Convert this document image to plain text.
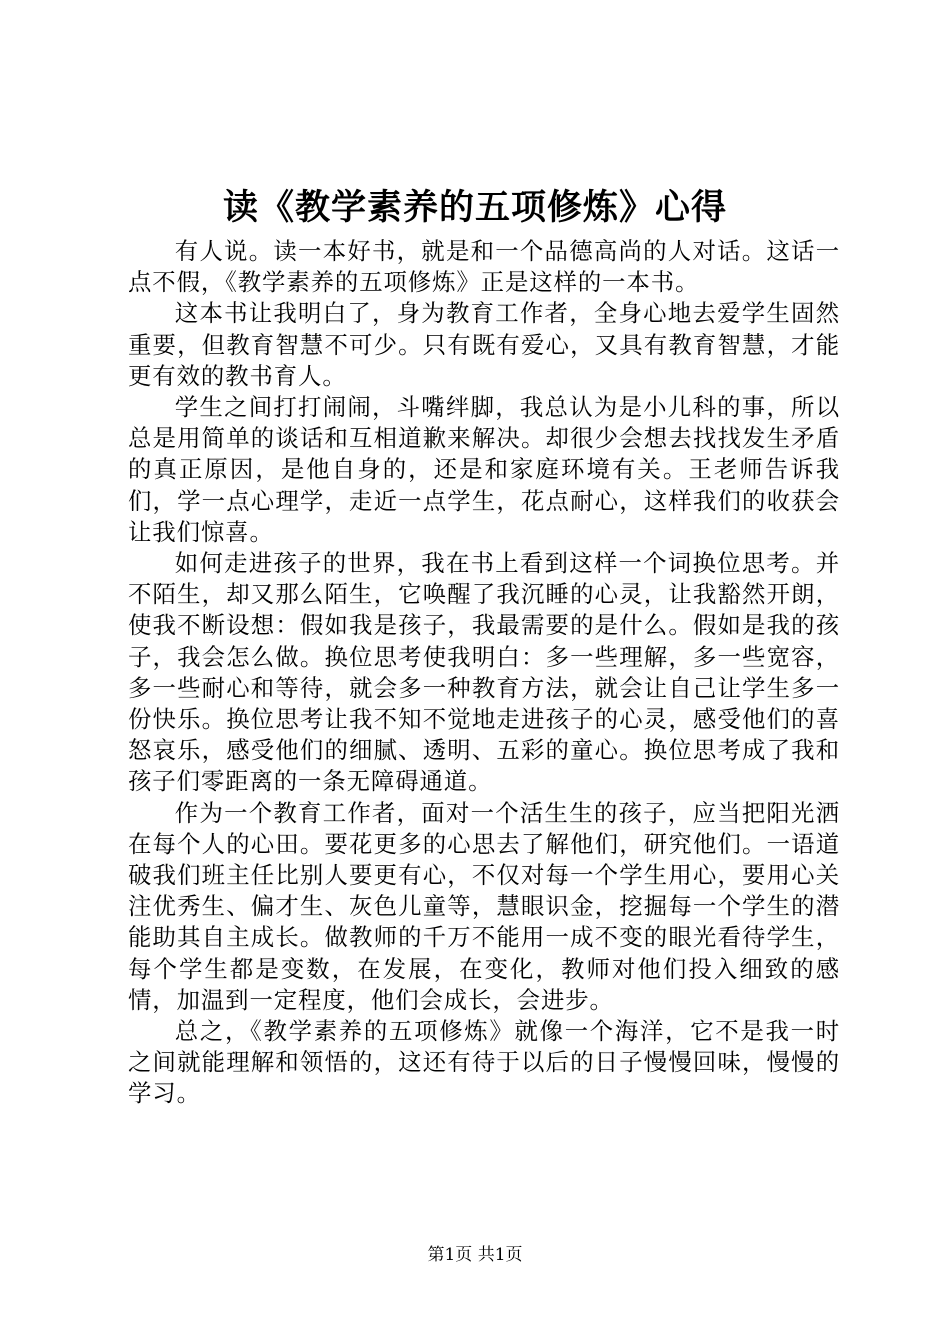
读《教学素养的五项修炼》心得

有人说。读一本好书，就是和一个品德高尚的人对话。这话一点不假，《教学素养的五项修炼》正是这样的一本书。

这本书让我明白了，身为教育工作者，全身心地去爱学生固然重要，但教育智慧不可少。只有既有爱心，又具有教育智慧，才能更有效的教书育人。

学生之间打打闹闹，斗嘴绊脚，我总认为是小儿科的事，所以总是用简单的谈话和互相道歉来解决。却很少会想去找找发生矛盾的真正原因，是他自身的，还是和家庭环境有关。王老师告诉我们，学一点心理学，走近一点学生，花点耐心，这样我们的收获会让我们惊喜。

如何走进孩子的世界，我在书上看到这样一个词换位思考。并不陌生，却又那么陌生，它唤醒了我沉睡的心灵，让我豁然开朗，使我不断设想：假如我是孩子，我最需要的是什么。假如是我的孩子，我会怎么做。换位思考使我明白：多一些理解，多一些宽容，多一些耐心和等待，就会多一种教育方法，就会让自己让学生多一份快乐。换位思考让我不知不觉地走进孩子的心灵，感受他们的喜怒哀乐，感受他们的细腻、透明、五彩的童心。换位思考成了我和孩子们零距离的一条无障碍通道。

作为一个教育工作者，面对一个活生生的孩子，应当把阳光洒在每个人的心田。要花更多的心思去了解他们，研究他们。一语道破我们班主任比别人要更有心，不仅对每一个学生用心，要用心关注优秀生、偏才生、灰色儿童等，慧眼识金，挖掘每一个学生的潜能助其自主成长。做教师的千万不能用一成不变的眼光看待学生，每个学生都是变数，在发展，在变化，教师对他们投入细致的感情，加温到一定程度，他们会成长，会进步。

总之，《教学素养的五项修炼》就像一个海洋，它不是我一时之间就能理解和领悟的，这还有待于以后的日子慢慢回味，慢慢的学习。

第1页 共1页
